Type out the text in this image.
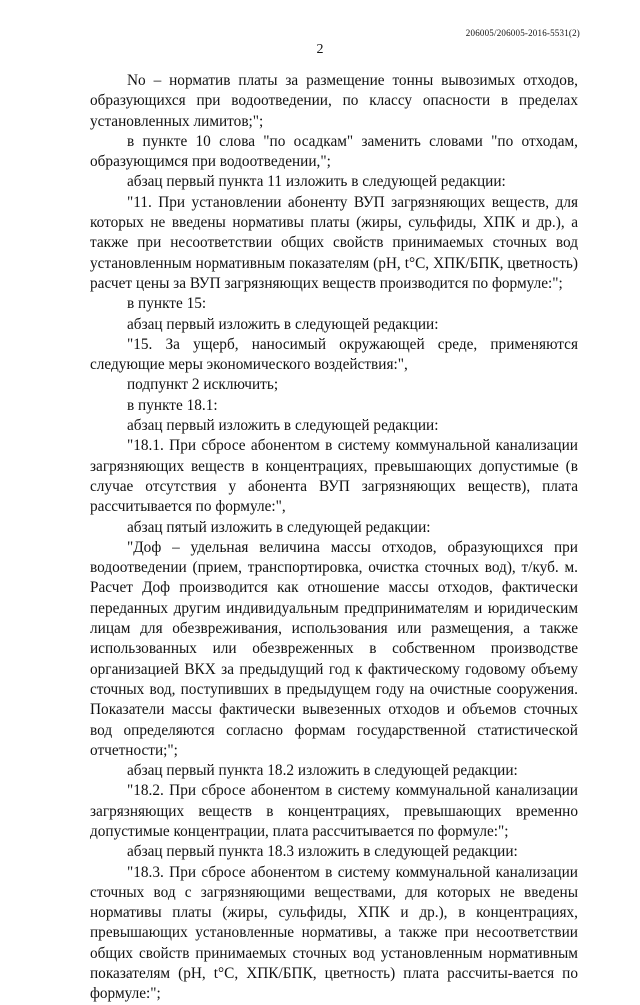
206005/206005-2016-5531(2)
2

Nо – норматив платы за размещение тонны вывозимых отходов, образующихся при водоотведении, по классу опасности в пределах установленных лимитов;";

в пункте 10 слова "по осадкам" заменить словами "по отходам, образующимся при водоотведении,";

абзац первый пункта 11 изложить в следующей редакции:

"11. При установлении абоненту ВУП загрязняющих веществ, для которых не введены нормативы платы (жиры, сульфиды, ХПК и др.), а также при несоответствии общих свойств принимаемых сточных вод установленным нормативным показателям (pH, t°C, ХПК/БПК, цветность) расчет цены за ВУП загрязняющих веществ производится по формуле:";

в пункте 15:

абзац первый изложить в следующей редакции:

"15. За ущерб, наносимый окружающей среде, применяются следующие меры экономического воздействия:",

подпункт 2 исключить;

в пункте 18.1:

абзац первый изложить в следующей редакции:

"18.1. При сбросе абонентом в систему коммунальной канализации загрязняющих веществ в концентрациях, превышающих допустимые (в случае отсутствия у абонента ВУП загрязняющих веществ), плата рассчитывается по формуле:",

абзац пятый изложить в следующей редакции:

"Доф – удельная величина массы отходов, образующихся при водоотведении (прием, транспортировка, очистка сточных вод), т/куб. м. Расчет Доф производится как отношение массы отходов, фактически переданных другим индивидуальным предпринимателям и юридическим лицам для обезвреживания, использования или размещения, а также использованных или обезвреженных в собственном производстве организацией ВКХ за предыдущий год к фактическому годовому объему сточных вод, поступивших в предыдущем году на очистные сооружения. Показатели массы фактически вывезенных отходов и объемов сточных вод определяются согласно формам государственной статистической отчетности;";

абзац первый пункта 18.2 изложить в следующей редакции:

"18.2. При сбросе абонентом в систему коммунальной канализации загрязняющих веществ в концентрациях, превышающих временно допустимые концентрации, плата рассчитывается по формуле:";

абзац первый пункта 18.3 изложить в следующей редакции:

"18.3. При сбросе абонентом в систему коммунальной канализации сточных вод с загрязняющими веществами, для которых не введены нормативы платы (жиры, сульфиды, ХПК и др.), в концентрациях, превышающих установленные нормативы, а также при несоответствии общих свойств принимаемых сточных вод установленным нормативным показателям (pH, t°C, ХПК/БПК, цветность) плата рассчиты-вается по формуле:";
